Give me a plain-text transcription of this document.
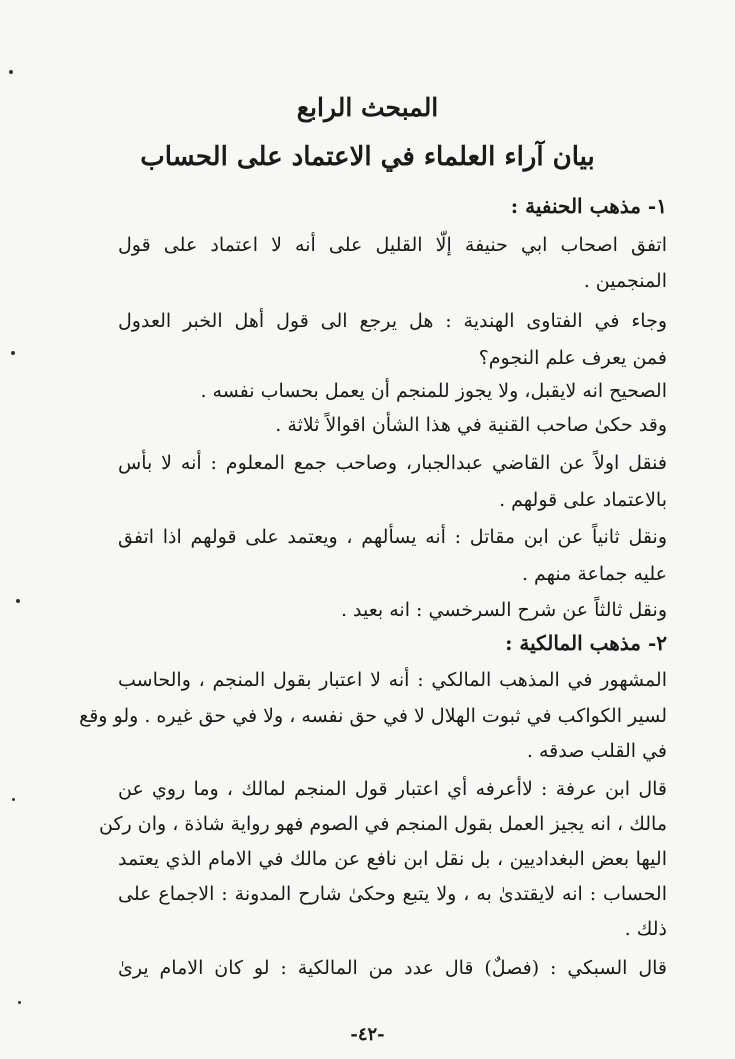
المبحث الرابع
بيان آراء العلماء في الاعتماد على الحساب
١- مذهب الحنفية :
اتفق اصحاب ابي حنيفة إلّا القليل على أنه لا اعتماد على قول
المنجمين .
وجاء في الفتاوى الهندية : هل يرجع الى قول أهل الخبر العدول
فمن يعرف علم النجوم؟
الصحيح انه لايقبل، ولا يجوز للمنجم أن يعمل بحساب نفسه .
وقد حكىٰ صاحب القنية في هذا الشأن اقوالاً ثلاثة .
فنقل اولاً عن القاضي عبدالجبار، وصاحب جمع المعلوم : أنه لا بأس
بالاعتماد على قولهم .
ونقل ثانياً عن ابن مقاتل : أنه يسألهم ، ويعتمد على قولهم اذا اتفق
عليه جماعة منهم .
ونقل ثالثاً عن شرح السرخسي : انه بعيد .
٢- مذهب المالكية :
المشهور في المذهب المالكي : أنه لا اعتبار بقول المنجم ، والحاسب
لسير الكواكب في ثبوت الهلال لا في حق نفسه ، ولا في حق غيره . ولو وقع
في القلب صدقه .
قال ابن عرفة : لاأعرفه أي اعتبار قول المنجم لمالك ، وما روي عن
مالك ، انه يجيز العمل بقول المنجم في الصوم فهو رواية شاذة ، وان ركن
اليها بعض البغداديين ، بل نقل ابن نافع عن مالك في الامام الذي يعتمد
الحساب : انه لايقتدىٰ به ، ولا يتبع وحكىٰ شارح المدونة : الاجماع على
ذلك .
قال السبكي : (فصلٌ) قال عدد من المالكية : لو كان الامام يرىٰ
-٤٢-
